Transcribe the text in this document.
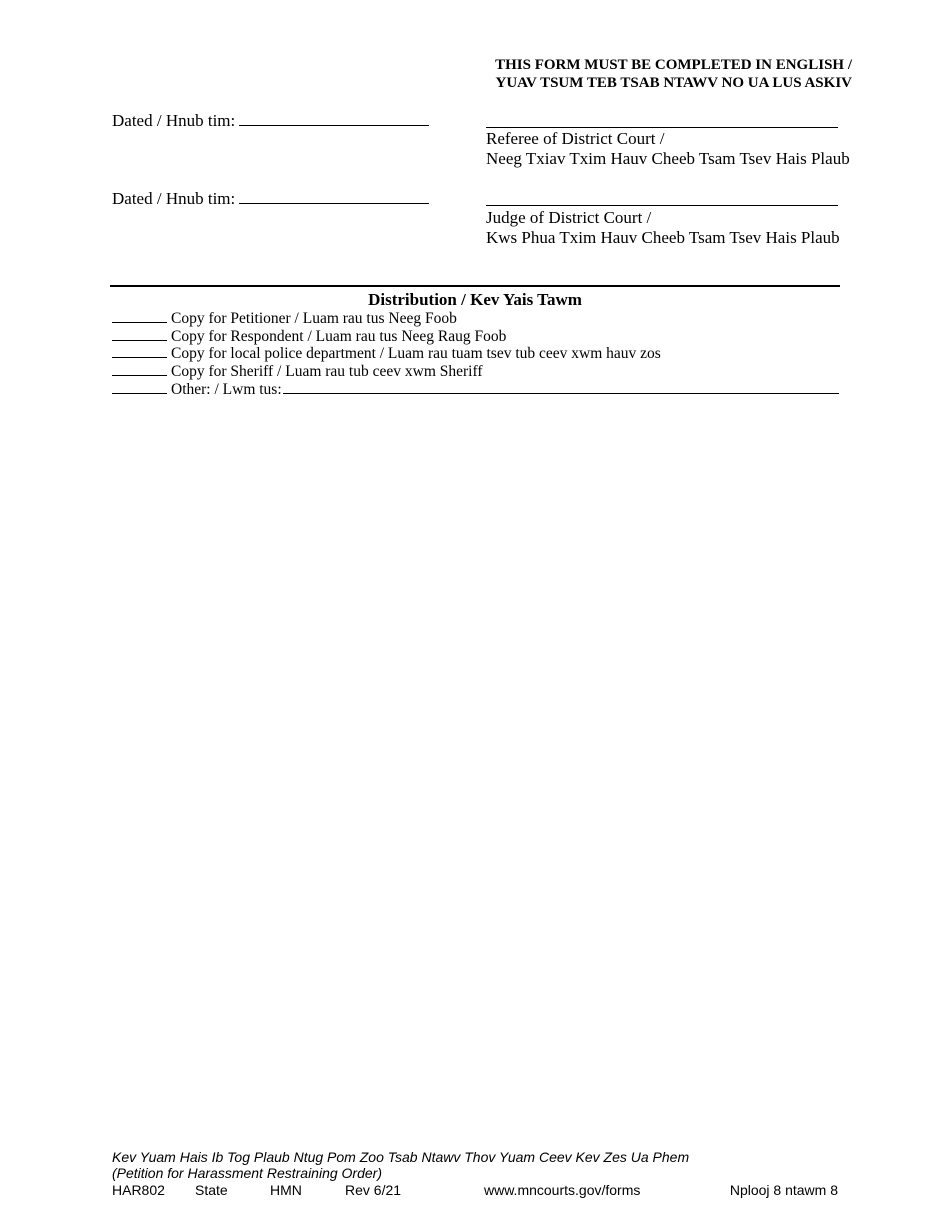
THIS FORM MUST BE COMPLETED IN ENGLISH /
YUAV TSUM TEB TSAB NTAWV NO UA LUS ASKIV
Dated / Hnub tim:
Referee of District Court /
Neeg Txiav Txim Hauv Cheeb Tsam Tsev Hais Plaub
Dated / Hnub tim:
Judge of District Court /
Kws Phua Txim Hauv Cheeb Tsam Tsev Hais Plaub
Distribution / Kev Yais Tawm
Copy for Petitioner / Luam rau tus Neeg Foob
Copy for Respondent / Luam rau tus Neeg Raug Foob
Copy for local police department / Luam rau tuam tsev tub ceev xwm hauv zos
Copy for Sheriff / Luam rau tub ceev xwm Sheriff
Other: / Lwm tus:
Kev Yuam Hais Ib Tog Plaub Ntug Pom Zoo Tsab Ntawv Thov Yuam Ceev Kev Zes Ua Phem
(Petition for Harassment Restraining Order)
HAR802 State	HMN	Rev 6/21	www.mncourts.gov/forms	Nplooj 8 ntawm 8
